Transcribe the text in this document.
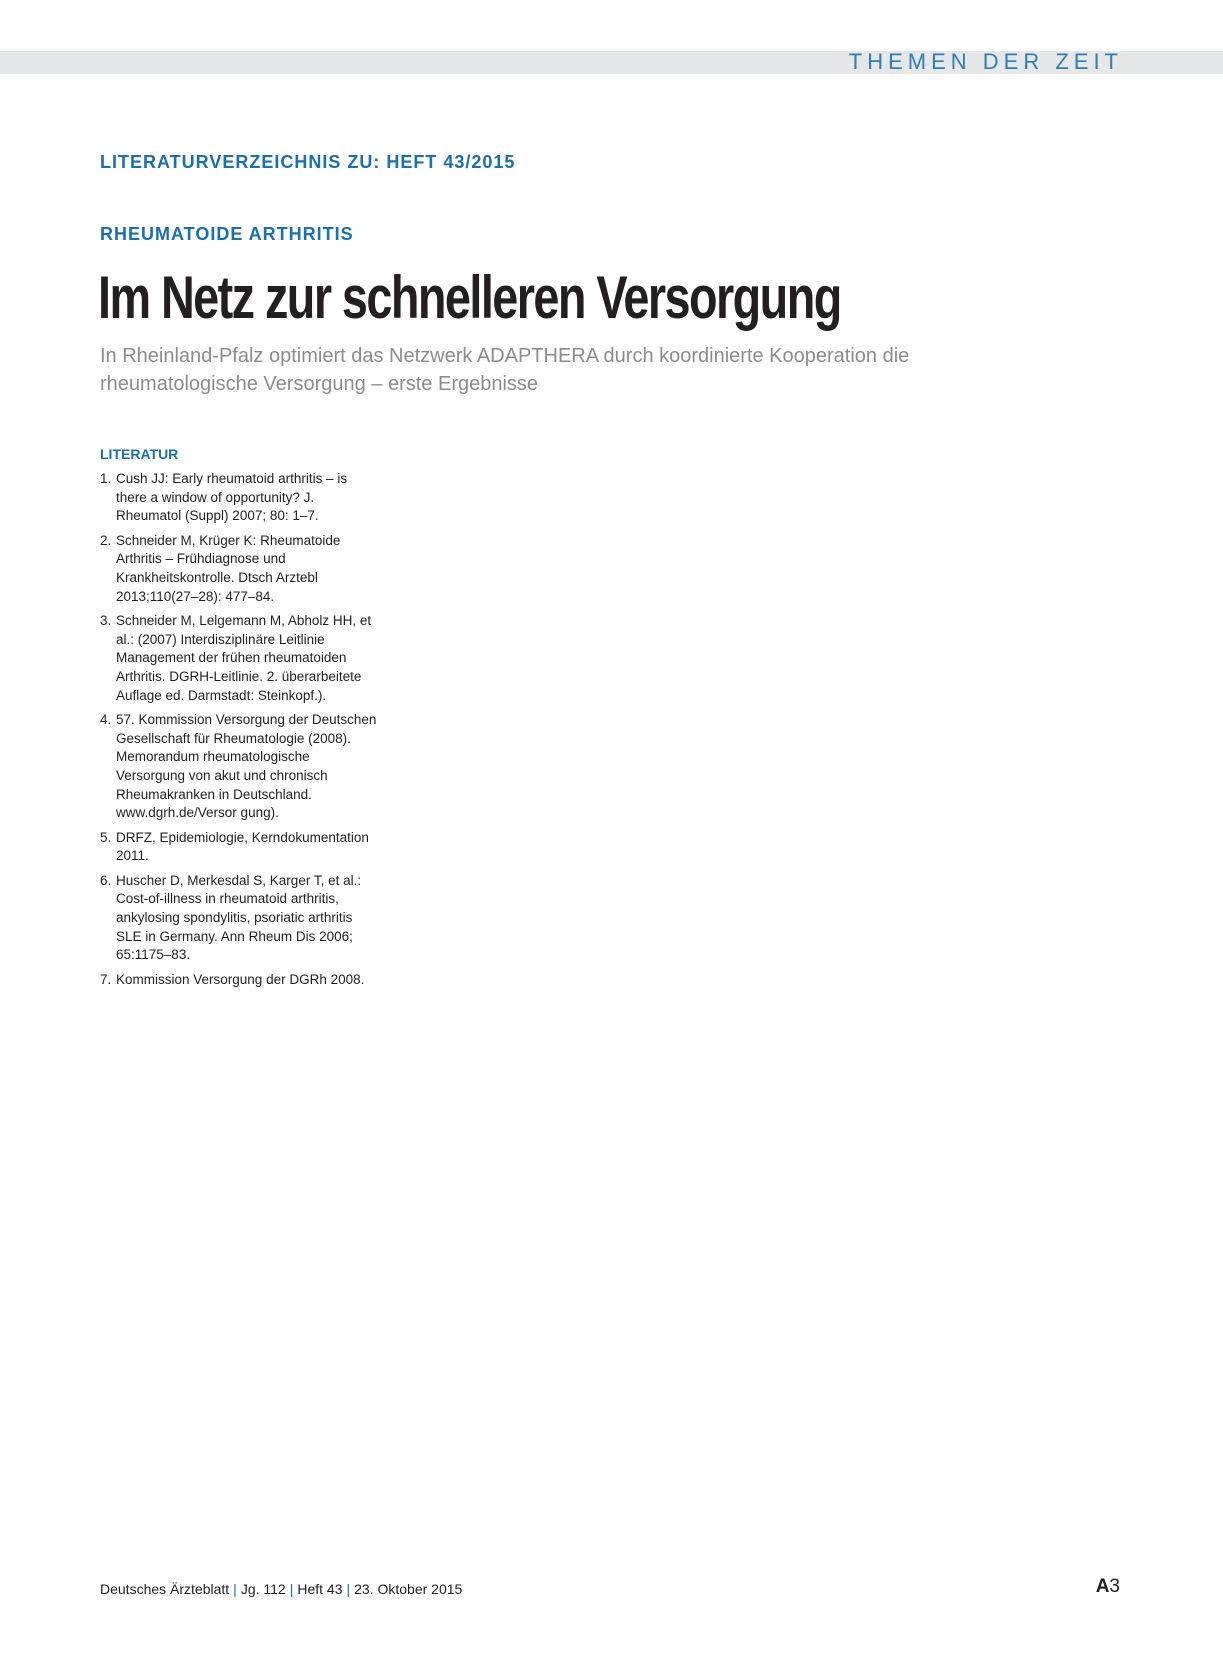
THEMEN DER ZEIT
LITERATURVERZEICHNIS ZU: HEFT 43/2015
RHEUMATOIDE ARTHRITIS
Im Netz zur schnelleren Versorgung
In Rheinland-Pfalz optimiert das Netzwerk ADAPTHERA durch koordinierte Kooperation die rheumatologische Versorgung – erste Ergebnisse
LITERATUR
1. Cush JJ: Early rheumatoid arthritis – is there a window of opportunity? J. Rheumatol (Suppl) 2007; 80: 1–7.
2. Schneider M, Krüger K: Rheumatoide Arthritis – Frühdiagnose und Krankheitskontrolle. Dtsch Arztebl 2013;110(27–28): 477–84.
3. Schneider M, Lelgemann M, Abholz HH, et al.: (2007) Interdisziplinäre Leitlinie Management der frühen rheumatoiden Arthritis. DGRH-Leitlinie. 2. überarbeitete Auflage ed. Darmstadt: Steinkopf.).
4. 57. Kommission Versorgung der Deutschen Gesellschaft für Rheumatologie (2008). Memorandum rheumatologische Versorgung von akut und chronisch Rheumakranken in Deutschland. www.dgrh.de/Versor gung).
5. DRFZ, Epidemiologie, Kerndokumentation 2011.
6. Huscher D, Merkesdal S, Karger T, et al.: Cost-of-illness in rheumatoid arthritis, ankylosing spondylitis, psoriatic arthritis SLE in Germany. Ann Rheum Dis 2006; 65:1175–83.
7. Kommission Versorgung der DGRh 2008.
Deutsches Ärzteblatt | Jg. 112 | Heft 43 | 23. Oktober 2015	A3
